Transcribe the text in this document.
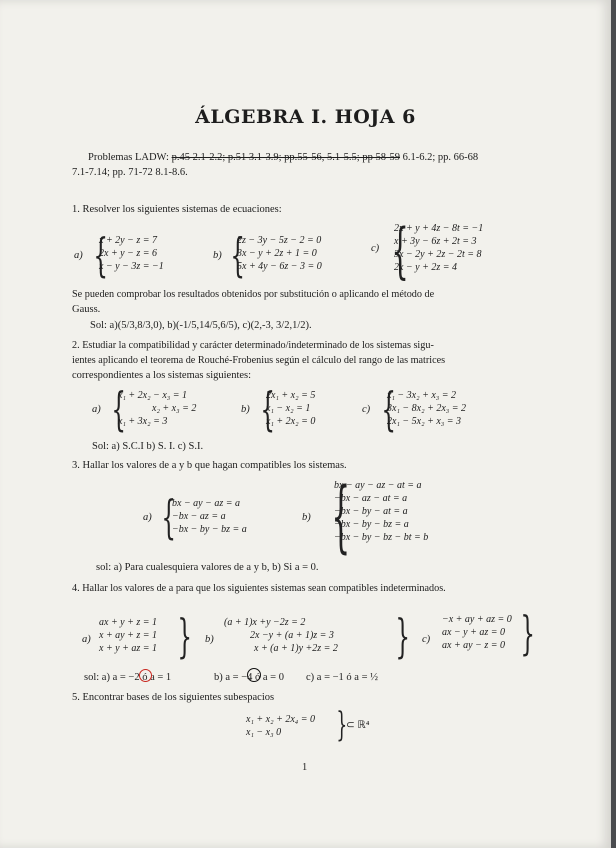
ÁLGEBRA I. HOJA 6
Problemas LADW: p.45 2.1-2.2; p.51 3.1-3.9; pp.55-56, 5.1-5.5; pp 58-59 6.1-6.2; pp. 66-68
7.1-7.14; pp. 71-72 8.1-8.6.
1. Resolver los siguientes sistemas de ecuaciones:
a) {
x + 2y − z = 7
2x + y − z = 6
x − y − 3z = −1
b) {
2z − 3y − 5z − 2 = 0
3x − y + 2z + 1 = 0
5x + 4y − 6z − 3 = 0
c) {
2x + y + 4z − 8t = −1
x + 3y − 6z + 2t = 3
3x − 2y + 2z − 2t = 8
2x − y + 2z = 4
Se pueden comprobar los resultados obtenidos por substitución o aplicando el método de
Gauss.
Sol: a)(5/3,8/3,0), b)(-1/5,14/5,6/5), c)(2,-3, 3/2,1/2).
2. Estudiar la compatibilidad y carácter determinado/indeterminado de los sistemas sigu-
ientes aplicando el teorema de Rouché-Frobenius según el cálculo del rango de las matrices
correspondientes a los sistemas siguientes:
a) {
x₁ + 2x₂ − x₃ = 1
x₂ + x₃ = 2
x₁ + 3x₂ = 3
b) {
2x₁ + x₂ = 5
x₁ − x₂ = 1
x₁ + 2x₂ = 0
c) {
x₁ − 3x₂ + x₃ = 2
3x₁ − 8x₂ + 2x₃ = 2
2x₁ − 5x₂ + x₃ = 3
Sol: a) S.C.I b) S. I. c) S.I.
3. Hallar los valores de a y b que hagan compatibles los sistemas.
a) {
bx − ay − az = a
−bx − az = a
−bx − by − bz = a
b) {
bx − ay − az − at = a
−bx − az − at = a
−bx − by − at = a
−bx − by − bz = a
−bx − by − bz − bt = b
sol: a) Para cualesquiera valores de a y b, b) Si a = 0.
4. Hallar los valores de a para que los siguientes sistemas sean compatibles indeterminados.
a)
ax + y + z = 1
x + ay + z = 1
x + y + az = 1 } b)
(a + 1)x +y −2z = 2
2x −y + (a + 1)z = 3
x + (a + 1)y +2z = 2 } c)
−x + ay + az = 0
ax − y + az = 0
ax + ay − z = 0 }
sol: a) a = −2 ó a = 1	b) a = −4 ó a = 0 c) a = −1 ó a = ½
5. Encontrar bases de los siguientes subespacios
x₁ + x₂ + 2x₄ = 0
x₁ − x₃ 0	}
⊂ ℝ⁴
1
